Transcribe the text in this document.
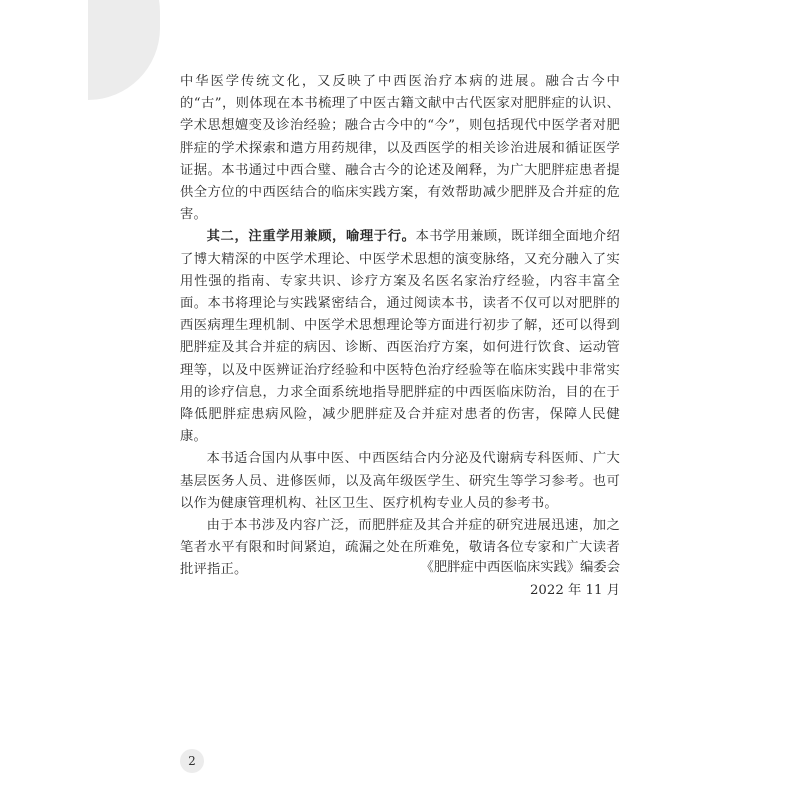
中华医学传统文化，又反映了中西医治疗本病的进展。融合古今中的“古”，则体现在本书梳理了中医古籍文献中古代医家对肥胖症的认识、学术思想嬗变及诊治经验；融合古今中的“今”，则包括现代中医学者对肥胖症的学术探索和遣方用药规律，以及西医学的相关诊治进展和循证医学证据。本书通过中西合璧、融合古今的论述及阐释，为广大肥胖症患者提供全方位的中西医结合的临床实践方案，有效帮助减少肥胖及合并症的危害。

其二，注重学用兼顾，喻理于行。本书学用兼顾，既详细全面地介绍了博大精深的中医学术理论、中医学术思想的演变脉络，又充分融入了实用性强的指南、专家共识、诊疗方案及名医名家治疗经验，内容丰富全面。本书将理论与实践紧密结合，通过阅读本书，读者不仅可以对肥胖的西医病理生理机制、中医学术思想理论等方面进行初步了解，还可以得到肥胖症及其合并症的病因、诊断、西医治疗方案，如何进行饮食、运动管理等，以及中医辨证治疗经验和中医特色治疗经验等在临床实践中非常实用的诊疗信息，力求全面系统地指导肥胖症的中西医临床防治，目的在于降低肥胖症患病风险，减少肥胖症及合并症对患者的伤害，保障人民健康。

本书适合国内从事中医、中西医结合内分泌及代谢病专科医师、广大基层医务人员、进修医师，以及高年级医学生、研究生等学习参考。也可以作为健康管理机构、社区卫生、医疗机构专业人员的参考书。

由于本书涉及内容广泛，而肥胖症及其合并症的研究进展迅速，加之笔者水平有限和时间紧迫，疏漏之处在所难免，敬请各位专家和广大读者批评指正。	《肥胖症中西医临床实践》编委会
2022 年 11 月
2
